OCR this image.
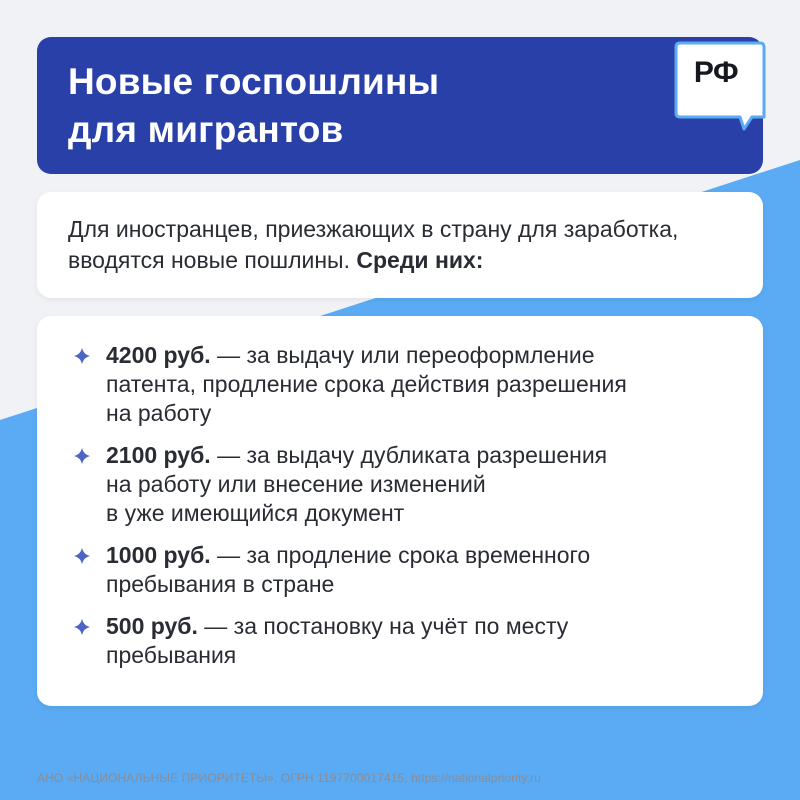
Новые госпошлины
для мигрантов
РФ
Для иностранцев, приезжающих в страну для заработка, вводятся новые пошлины. Среди них:
4200 руб. — за выдачу или переоформление
патента, продление срока действия разрешения
на работу
2100 руб. — за выдачу дубликата разрешения
на работу или внесение изменений
в уже имеющийся документ
1000 руб. — за продление срока временного
пребывания в стране
500 руб. — за постановку на учёт по месту
пребывания
АНО «НАЦИОНАЛЬНЫЕ ПРИОРИТЕТЫ», ОГРН 1197700017415, https://nationalpriority.ru
